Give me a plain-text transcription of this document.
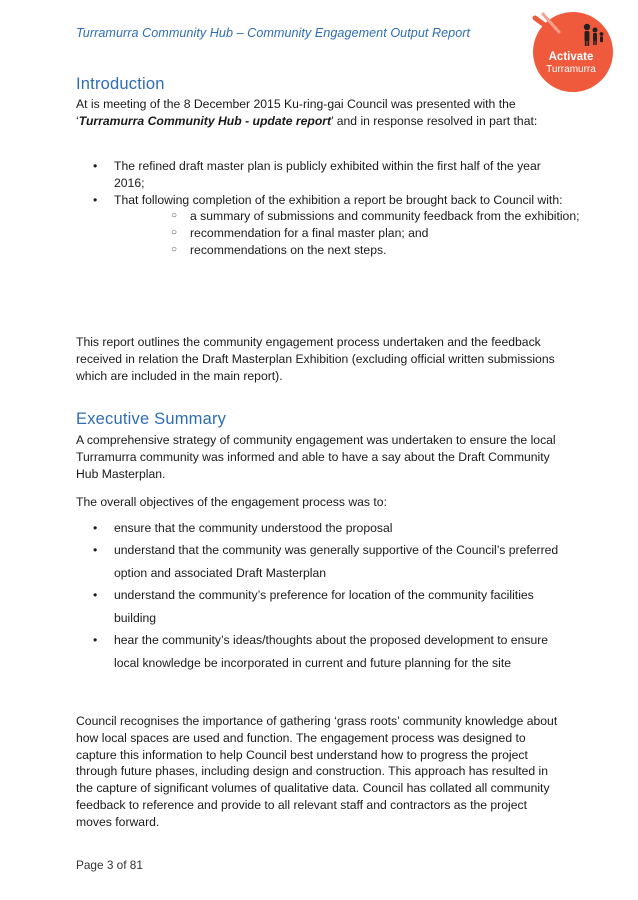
Turramurra Community Hub – Community Engagement Output Report
Activate
Turramurra
Introduction

At is meeting of the 8 December 2015 Ku-ring-gai Council was presented with the ‘Turramurra Community Hub - update report’ and in response resolved in part that:

• The refined draft master plan is publicly exhibited within the first half of the year 2016;
• That following completion of the exhibition a report be brought back to Council with:
○ a summary of submissions and community feedback from the exhibition;
○ recommendation for a final master plan; and
○ recommendations on the next steps.

This report outlines the community engagement process undertaken and the feedback received in relation the Draft Masterplan Exhibition (excluding official written submissions which are included in the main report).

Executive Summary

A comprehensive strategy of community engagement was undertaken to ensure the local Turramurra community was informed and able to have a say about the Draft Community Hub Masterplan.

The overall objectives of the engagement process was to:

• ensure that the community understood the proposal
• understand that the community was generally supportive of the Council’s preferred option and associated Draft Masterplan
• understand the community’s preference for location of the community facilities building
• hear the community’s ideas/thoughts about the proposed development to ensure local knowledge be incorporated in current and future planning for the site

Council recognises the importance of gathering ‘grass roots’ community knowledge about how local spaces are used and function. The engagement process was designed to capture this information to help Council best understand how to progress the project through future phases, including design and construction. This approach has resulted in the capture of significant volumes of qualitative data. Council has collated all community feedback to reference and provide to all relevant staff and contractors as the project moves forward.

Page 3 of 81
